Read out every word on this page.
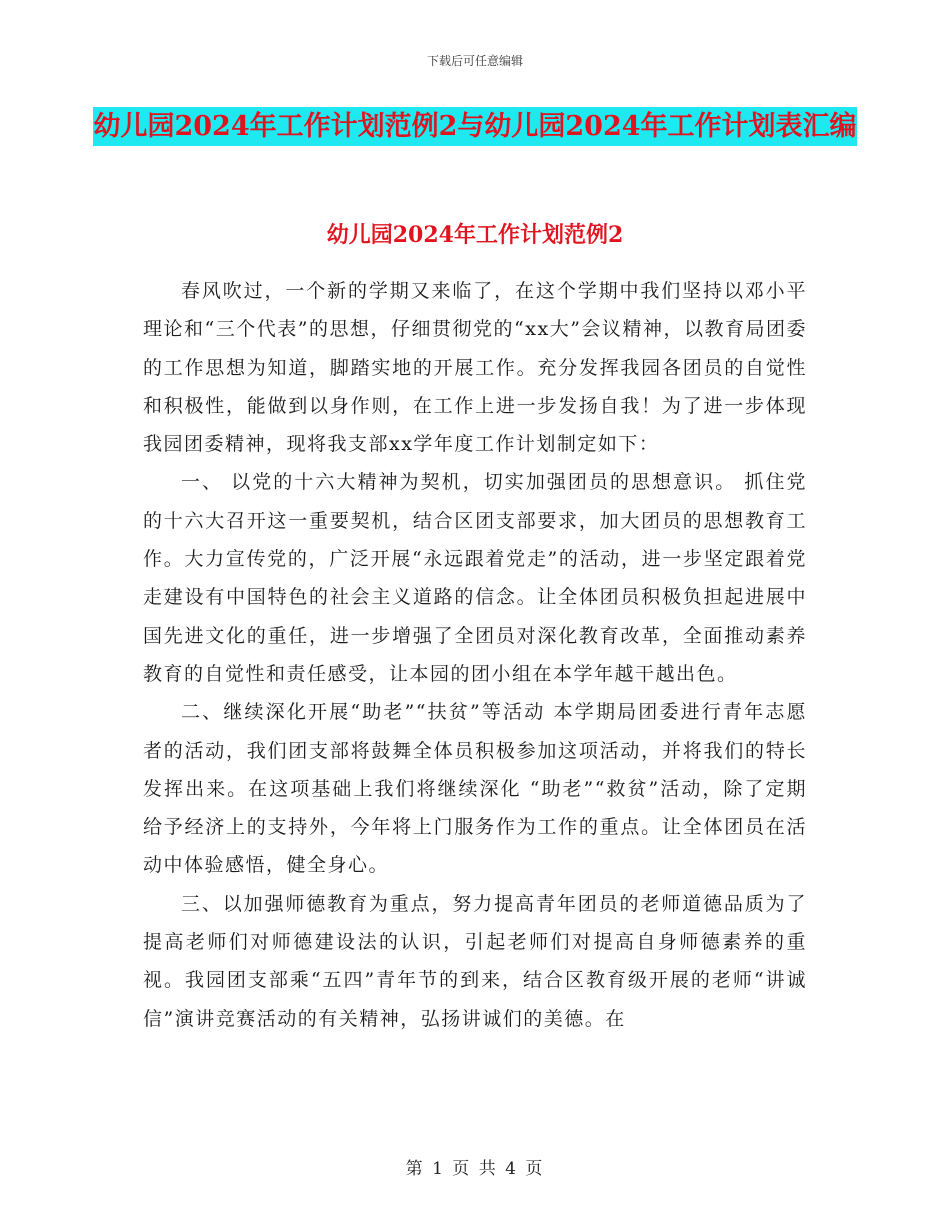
下载后可任意编辑
幼儿园2024年工作计划范例2与幼儿园2024年工作计划表汇编
幼儿园2024年工作计划范例2

春风吹过，一个新的学期又来临了，在这个学期中我们坚持以邓小平理论和“三个代表”的思想，仔细贯彻党的“xx大”会议精神，以教育局团委的工作思想为知道，脚踏实地的开展工作。充分发挥我园各团员的自觉性和积极性，能做到以身作则，在工作上进一步发扬自我！为了进一步体现我园团委精神，现将我支部xx学年度工作计划制定如下：

一、 以党的十六大精神为契机，切实加强团员的思想意识。 抓住党的十六大召开这一重要契机，结合区团支部要求，加大团员的思想教育工作。大力宣传党的，广泛开展“永远跟着党走”的活动，进一步坚定跟着党走建设有中国特色的社会主义道路的信念。让全体团员积极负担起进展中国先进文化的重任，进一步增强了全团员对深化教育改革，全面推动素养教育的自觉性和责任感受，让本园的团小组在本学年越干越出色。

二、继续深化开展“助老”“扶贫”等活动 本学期局团委进行青年志愿者的活动，我们团支部将鼓舞全体员积极参加这项活动，并将我们的特长发挥出来。在这项基础上我们将继续深化 “助老”“救贫”活动，除了定期给予经济上的支持外，今年将上门服务作为工作的重点。让全体团员在活动中体验感悟，健全身心。

三、以加强师德教育为重点，努力提高青年团员的老师道德品质为了提高老师们对师德建设法的认识，引起老师们对提高自身师德素养的重视。我园团支部乘“五四”青年节的到来，结合区教育级开展的老师“讲诚信”演讲竞赛活动的有关精神，弘扬讲诚们的美德。在

第 1 页 共 4 页
